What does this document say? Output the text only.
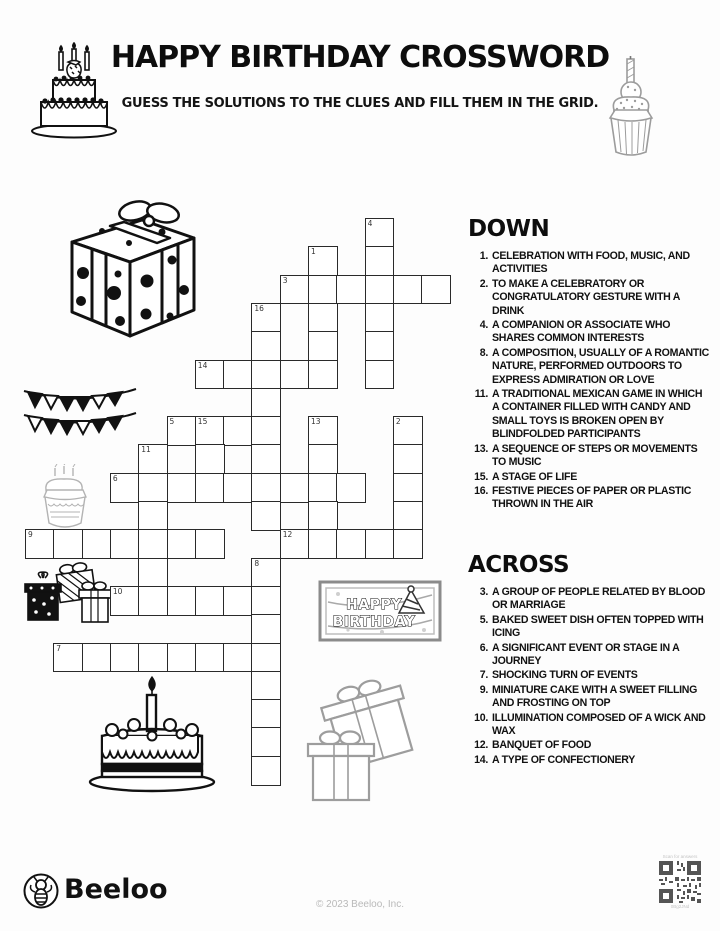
HAPPY BIRTHDAY CROSSWORD
GUESS THE SOLUTIONS TO THE CLUES AND FILL THEM IN THE GRID.
HAPPY
BIRTHDAY
4
1
3
16
14
5	15	13	2
11
6
9	12
8
10
7
DOWN
1. CELEBRATION WITH FOOD, MUSIC, AND ACTIVITIES
2. TO MAKE A CELEBRATORY OR CONGRATULATORY GESTURE WITH A DRINK
4. A COMPANION OR ASSOCIATE WHO SHARES COMMON INTERESTS
8. A COMPOSITION, USUALLY OF A ROMANTIC NATURE, PERFORMED OUTDOORS TO EXPRESS ADMIRATION OR LOVE
11. A TRADITIONAL MEXICAN GAME IN WHICH A CONTAINER FILLED WITH CANDY AND SMALL TOYS IS BROKEN OPEN BY BLINDFOLDED PARTICIPANTS
13. A SEQUENCE OF STEPS OR MOVEMENTS TO MUSIC
15. A STAGE OF LIFE
16. FESTIVE PIECES OF PAPER OR PLASTIC THROWN IN THE AIR
ACROSS
3. A GROUP OF PEOPLE RELATED BY BLOOD OR MARRIAGE
5. BAKED SWEET DISH OFTEN TOPPED WITH ICING
6. A SIGNIFICANT EVENT OR STAGE IN A JOURNEY
7. SHOCKING TURN OF EVENTS
9. MINIATURE CAKE WITH A SWEET FILLING AND FROSTING ON TOP
10. ILLUMINATION COMPOSED OF A WICK AND WAX
12. BANQUET OF FOOD
14. A TYPE OF CONFECTIONERY
Beeloo	© 2023 Beeloo, Inc.
Scan for answers
0Bg2JNd
